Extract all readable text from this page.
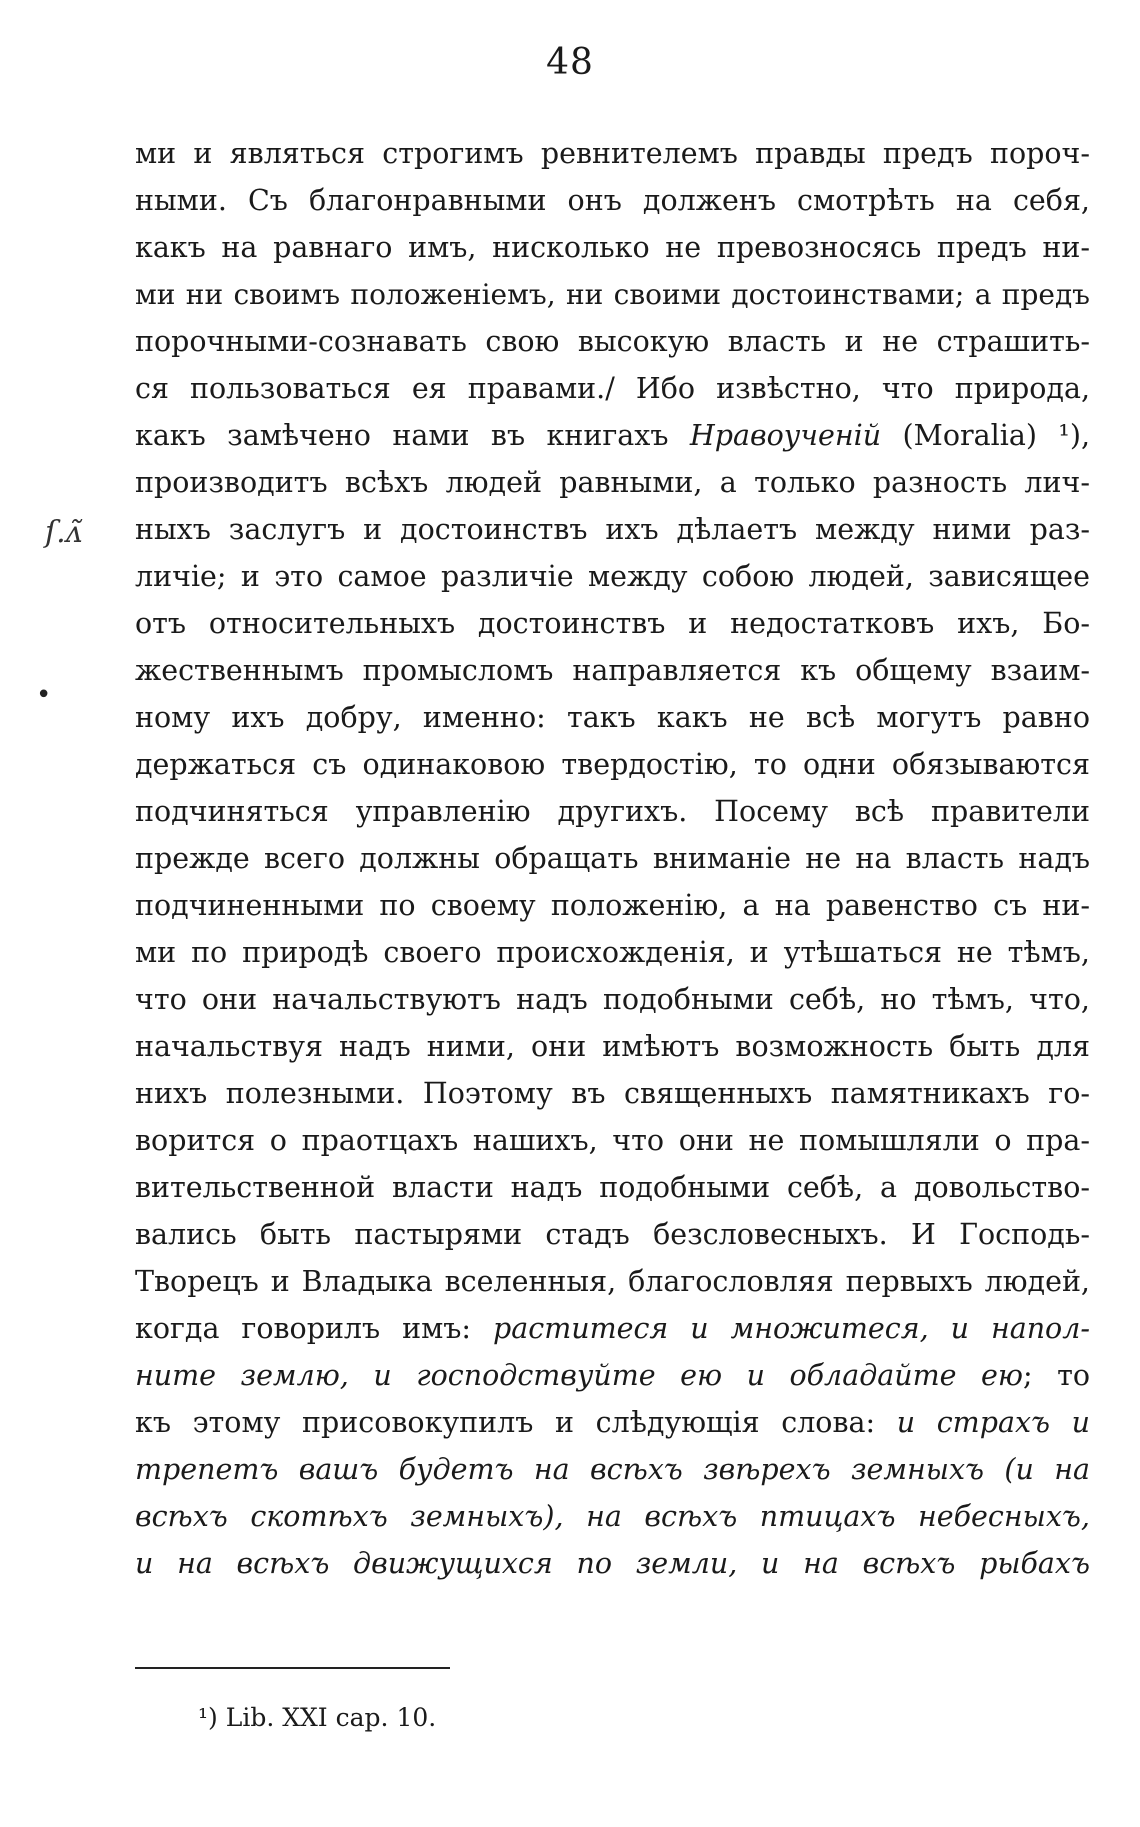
48
ſ.ᴧ̃
•
ми и являться строгимъ ревнителемъ правды предъ пороч-
ными. Съ благонравными онъ долженъ смотрѣть на себя,
какъ на равнаго имъ, нисколько не превозносясь предъ ни-
ми ни своимъ положеніемъ, ни своими достоинствами; а предъ
порочными-сознавать свою высокую власть и не страшить-
ся пользоваться ея правами./ Ибо извѣстно, что природа,
какъ замѣчено нами въ книгахъ Нравоученій (Moralia) ¹),
производитъ всѣхъ людей равными, а только разность лич-
ныхъ заслугъ и достоинствъ ихъ дѣлаетъ между ними раз-
личіе; и это самое различіе между собою людей, зависящее
отъ относительныхъ достоинствъ и недостатковъ ихъ, Бо-
жественнымъ промысломъ направляется къ общему взаим-
ному ихъ добру, именно: такъ какъ не всѣ могутъ равно
держаться съ одинаковою твердостію, то одни обязываются
подчиняться управленію другихъ. Посему всѣ правители
прежде всего должны обращать вниманіе не на власть надъ
подчиненными по своему положенію, а на равенство съ ни-
ми по природѣ своего происхожденія, и утѣшаться не тѣмъ,
что они начальствуютъ надъ подобными себѣ, но тѣмъ, что,
начальствуя надъ ними, они имѣютъ возможность быть для
нихъ полезными. Поэтому въ священныхъ памятникахъ го-
ворится о праотцахъ нашихъ, что они не помышляли о пра-
вительственной власти надъ подобными себѣ, а довольство-
вались быть пастырями стадъ безсловесныхъ. И Господь-
Творецъ и Владыка вселенныя, благословляя первыхъ людей,
когда говорилъ имъ: раститеся и множитеся, и напол-
ните землю, и господствуйте ею и обладайте ею; то
къ этому присовокупилъ и слѣдующія слова: и страхъ и
трепетъ вашъ будетъ на всѣхъ звѣрехъ земныхъ (и на
всѣхъ скотѣхъ земныхъ), на всѣхъ птицахъ небесныхъ,
и на всѣхъ движущихся по земли, и на всѣхъ рыбахъ
¹) Lib. XXI cap. 10.
